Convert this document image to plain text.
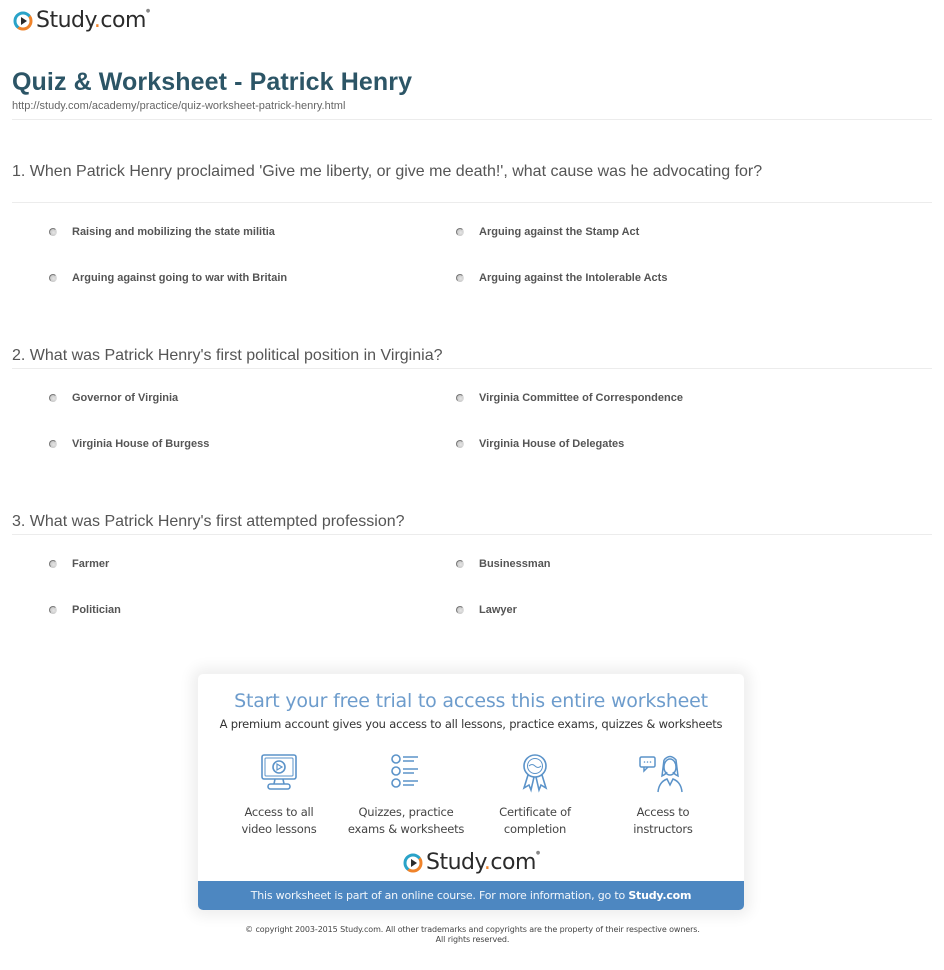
Study.com●
Quiz & Worksheet - Patrick Henry
http://study.com/academy/practice/quiz-worksheet-patrick-henry.html
1. When Patrick Henry proclaimed 'Give me liberty, or give me death!', what cause was he advocating for?
Raising and mobilizing the state militia	Arguing against the Stamp Act
Arguing against going to war with Britain	Arguing against the Intolerable Acts
2. What was Patrick Henry's first political position in Virginia?
Governor of Virginia	Virginia Committee of Correspondence
Virginia House of Burgess	Virginia House of Delegates
3. What was Patrick Henry's first attempted profession?
Farmer	Businessman
Politician	Lawyer
Start your free trial to access this entire worksheet
A premium account gives you access to all lessons, practice exams, quizzes & worksheets
Access to all
video lessons
Quizzes, practice
exams & worksheets
Certificate of
completion
Access to
instructors
Study.com●
This worksheet is part of an online course. For more information, go to Study.com
© copyright 2003-2015 Study.com. All other trademarks and copyrights are the property of their respective owners.
All rights reserved.
